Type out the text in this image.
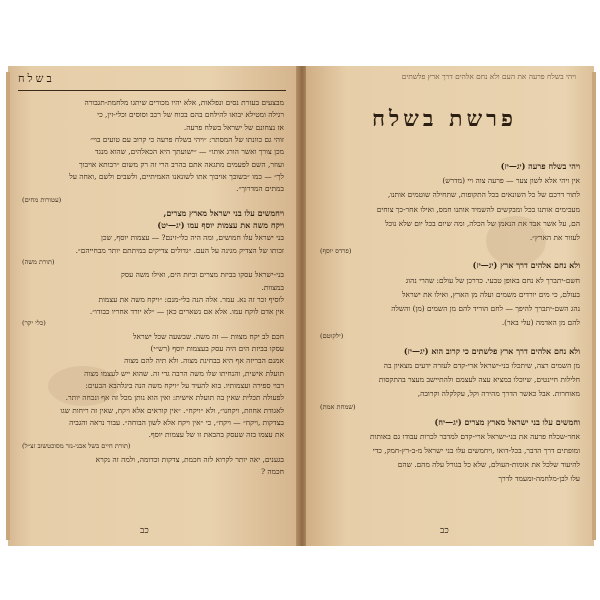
בשלח
מבצעים בעזרת נסים ונפלאות, אלא יהיו מכורים שיתגו מלחמת-תגבורה
רגילה ומטילא יבואו להילחם בהם בכוח של רכב וסוסים וכלי-זין, כי
אז נצחונם של ישראל בשלח פרעה.
זוהי גם כוונתו של המסתר: ״ויהי בשלח פרעה כי קרוב עם טועים בוי״
מכן צורך ואשר הורג אותו״ — ״ישועתך היא הכאלהים, שהוא מנגד
ועוזר, השם לפעמים מתגאה אתם בהרב הרי זה רק משום ״רבותא אויבוך
לך״ — כמו ״בשובך אויבוך אתו לשונאנו האמיתיים, ולשבים ולשם ,ואחה על
במתים המדרוך״.
(עטורות מחים)
ויחמשים עלו בני ישראל מארץ מצרים,
ויקח משה את עצמות יוסף עמו (יג—יט)
בני ישראל עלו חמושים, ומה היה כלי-זינם? — עצמות יוסף, שכן
זכותו של הצדיק מגינה על העם. ״גדולים צדיקים במיתתם יותר מבחייהם״.
(תורת משה)
בני-ישראל עסקו בביזת מצרים וביזת הים, ואילו משה עסק
במצוות.
לוסיף זכר זה נא. עמר. אלה הנה בלי-מנם: ״ויקח משה את עצמות
אין אדם לוקח עמו. אלא אם נשארים כאן — ״לא יורד אחריו כבודו״.
(כלי יקר)
חכם לב יקח מצוות — זה משה. שבשעה שכל ישראל
עסקו בביזת הים היה עסק בעצמות יוסף (רש״י)
אמנם הבריזה אף היא בבחינת מצוה. ולא תיה להם מצוה
תועלת אישית, והנחיתו שלו משה הרבה גדי זה. שהוא ייש לעצמו מצוה
רבוי ספירה ועצמותיו. בוא להעיד על ״ויקח משה הנה ביגלהבא הבעים:
לפעולה תכלית שאין בה תועלת אישית: ואין הוא נותן מכל זה אף ונכחה יותר.
לאגודת אחוזת, ויקחנו״, ולא ״ויקח״. ״אין קוראים אלא ויקח, שאין זה ריחות שגו
בצדקות ,ויקח״ — ויקח״, כי ״אין ויקח אלא לשון הבוחה״. עבור נראה והגביה
את עצמו בזה שעסק בהבאת זו של עצמות יוסף.
(תורת חיים בשל אבני-נזר מסוכטשוב זצ״ל)
בגענים, יאה יותר לקרוא לזה חכמת, צדקות וכדומה, ולמה זה נקרא
חכמה ?
כב
ויהי בשלח פרעה את העם ולא נחם אלהים דרך ארץ פלשתים
פרשת בשלח
ויהי בשלח פרעה (יג—יז)
אין ויהי אלא לשון צער — פרעה צוה ויי (מדרש)
לתור דרכם של כל השונאים בכל התקופות, שתחילה שוטמים אותנו,
מעכימים אותנו בכל ומבקשים להשמיד אותנו חמס, ואילו אחר-כך צוחים
הם, על אשר אבד את הנאמן של הכלה, ומה שיום בכל יום שלא נוכל
לעזור את הארץ״.
(פרדס יוסף)
ולא נחם אלהים דרך ארץ (יג—יז)
חשם-יתברך לא נחם באופן טבעי. כדרכן של עולם: שהרי נהוג
בעולם, כי מים יורדים משמים ועלה מן הארץ, ואילו את ישראל
נהג השם-יתברך להיפך — לחם הוריד להם מן השמים (מן) והשלה
להם מן האדמה (עלי באר).
(ילקוטם)
ולא נחם אלהים דרך ארץ פלשתים כי קרוב הוא (יג—יז)
מן השמים רצה, שיתכלו בני-ישראל ארי-קדם לעזרה ידעים מצאיון בה
חלילות חיינטים, שיוכלו במציא עצה לעצמם ולהתיישב מעצר בהתקסות
מאוחרות. אבל כאשר הדרך מהירה וקל, עקלקלה וקרובה,
(שמחת אמת)
וחמשים עלו בני ישראל מארץ מצרים (יג—יח)
אחר-שכלח פרעה את בני-ישראל ארי-קדם למדבר לכרות עבודו גם באותות
ומופתים דרך הדבר, בכל-דואו ,ויחמשים עלו בני ישראל מ-ב-רץ-חמק, כדי
להיעוד שלכל את אומות-העולם, שלא כל בגורל עלה מהם. שהם
עלו לבן-מלחמה-ומעמד לדרך
כב
